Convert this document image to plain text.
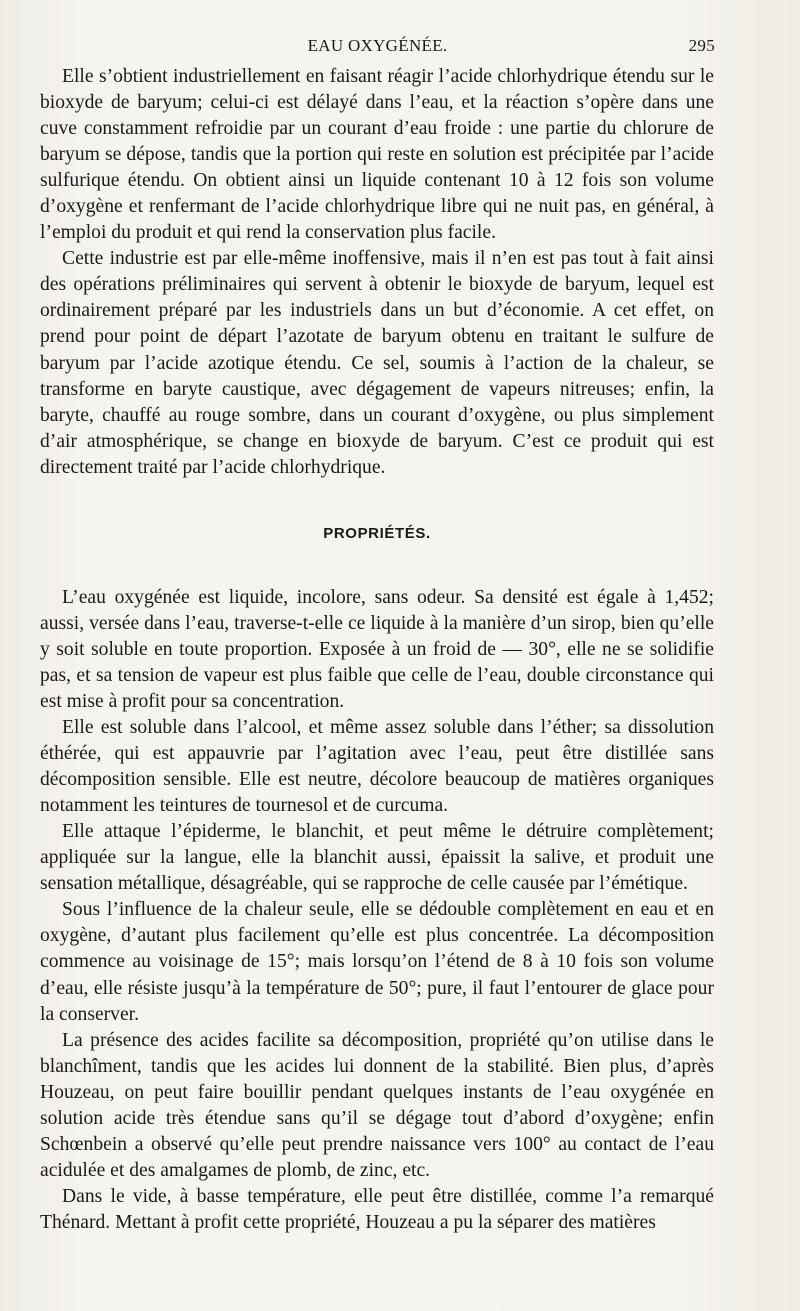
EAU OXYGÉNÉE.	295

Elle s’obtient industriellement en faisant réagir l’acide chlorhydrique étendu sur le bioxyde de baryum; celui-ci est délayé dans l’eau, et la réaction s’opère dans une cuve constamment refroidie par un courant d’eau froide : une partie du chlorure de baryum se dépose, tandis que la portion qui reste en solution est précipitée par l’acide sulfurique étendu. On obtient ainsi un liquide contenant 10 à 12 fois son volume d’oxygène et renfermant de l’acide chlorhydrique libre qui ne nuit pas, en général, à l’emploi du produit et qui rend la conservation plus facile.

Cette industrie est par elle-même inoffensive, mais il n’en est pas tout à fait ainsi des opérations préliminaires qui servent à obtenir le bioxyde de baryum, lequel est ordinairement préparé par les industriels dans un but d’économie. A cet effet, on prend pour point de départ l’azotate de baryum obtenu en traitant le sulfure de baryum par l’acide azotique étendu. Ce sel, soumis à l’action de la chaleur, se transforme en baryte caustique, avec dégagement de vapeurs nitreuses; enfin, la baryte, chauffé au rouge sombre, dans un courant d’oxygène, ou plus simplement d’air atmosphérique, se change en bioxyde de baryum. C’est ce produit qui est directement traité par l’acide chlorhydrique.

PROPRIÉTÉS.

L’eau oxygénée est liquide, incolore, sans odeur. Sa densité est égale à 1,452; aussi, versée dans l’eau, traverse-t-elle ce liquide à la manière d’un sirop, bien qu’elle y soit soluble en toute proportion. Exposée à un froid de — 30°, elle ne se solidifie pas, et sa tension de vapeur est plus faible que celle de l’eau, double circonstance qui est mise à profit pour sa concentration.

Elle est soluble dans l’alcool, et même assez soluble dans l’éther; sa dissolution éthérée, qui est appauvrie par l’agitation avec l’eau, peut être distillée sans décomposition sensible. Elle est neutre, décolore beaucoup de matières organiques notamment les teintures de tournesol et de curcuma.

Elle attaque l’épiderme, le blanchit, et peut même le détruire complètement; appliquée sur la langue, elle la blanchit aussi, épaissit la salive, et produit une sensation métallique, désagréable, qui se rapproche de celle causée par l’émétique.

Sous l’influence de la chaleur seule, elle se dédouble complètement en eau et en oxygène, d’autant plus facilement qu’elle est plus concentrée. La décomposition commence au voisinage de 15°; mais lorsqu’on l’étend de 8 à 10 fois son volume d’eau, elle résiste jusqu’à la température de 50°; pure, il faut l’entourer de glace pour la conserver.

La présence des acides facilite sa décomposition, propriété qu’on utilise dans le blanchîment, tandis que les acides lui donnent de la stabilité. Bien plus, d’après Houzeau, on peut faire bouillir pendant quelques instants de l’eau oxygénée en solution acide très étendue sans qu’il se dégage tout d’abord d’oxygène; enfin Schœnbein a observé qu’elle peut prendre naissance vers 100° au contact de l’eau acidulée et des amalgames de plomb, de zinc, etc.

Dans le vide, à basse température, elle peut être distillée, comme l’a remarqué Thénard. Mettant à profit cette propriété, Houzeau a pu la séparer des matières
